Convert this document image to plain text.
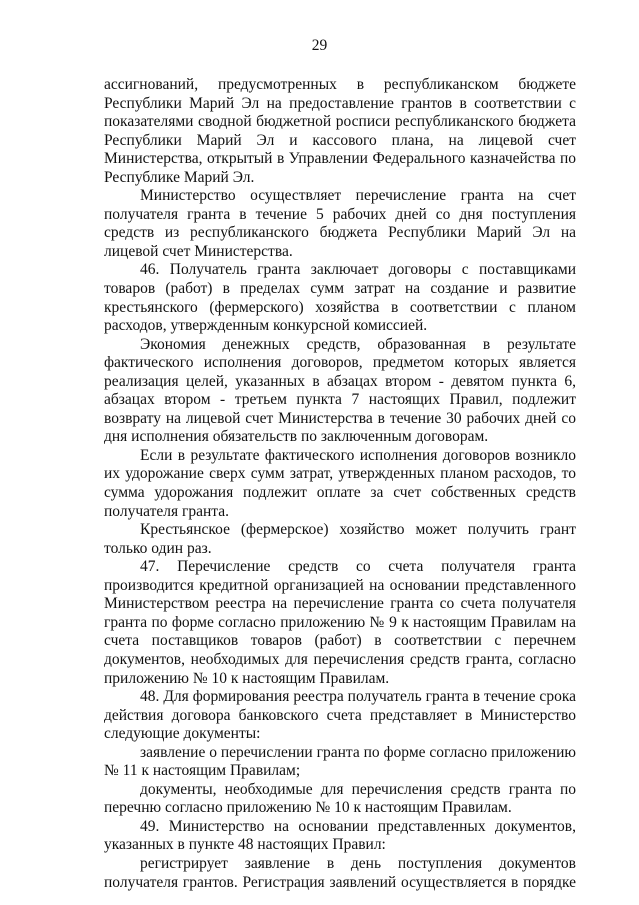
29

ассигнований, предусмотренных в республиканском бюджете Республики Марий Эл на предоставление грантов в соответствии с показателями сводной бюджетной росписи республиканского бюджета Республики Марий Эл и кассового плана, на лицевой счет Министерства, открытый в Управлении Федерального казначейства по Республике Марий Эл.

Министерство осуществляет перечисление гранта на счет получателя гранта в течение 5 рабочих дней со дня поступления средств из республиканского бюджета Республики Марий Эл на лицевой счет Министерства.

46. Получатель гранта заключает договоры с поставщиками товаров (работ) в пределах сумм затрат на создание и развитие крестьянского (фермерского) хозяйства в соответствии с планом расходов, утвержденным конкурсной комиссией.

Экономия денежных средств, образованная в результате фактического исполнения договоров, предметом которых является реализация целей, указанных в абзацах втором - девятом пункта 6, абзацах втором - третьем пункта 7 настоящих Правил, подлежит возврату на лицевой счет Министерства в течение 30 рабочих дней со дня исполнения обязательств по заключенным договорам.

Если в результате фактического исполнения договоров возникло их удорожание сверх сумм затрат, утвержденных планом расходов, то сумма удорожания подлежит оплате за счет собственных средств получателя гранта.

Крестьянское (фермерское) хозяйство может получить грант только один раз.

47. Перечисление средств со счета получателя гранта производится кредитной организацией на основании представленного Министерством реестра на перечисление гранта со счета получателя гранта по форме согласно приложению № 9 к настоящим Правилам на счета поставщиков товаров (работ) в соответствии с перечнем документов, необходимых для перечисления средств гранта, согласно приложению № 10 к настоящим Правилам.

48. Для формирования реестра получатель гранта в течение срока действия договора банковского счета представляет в Министерство следующие документы:

заявление о перечислении гранта по форме согласно приложению № 11 к настоящим Правилам;

документы, необходимые для перечисления средств гранта по перечню согласно приложению № 10 к настоящим Правилам.

49. Министерство на основании представленных документов, указанных в пункте 48 настоящих Правил:

регистрирует заявление в день поступления документов получателя грантов. Регистрация заявлений осуществляется в порядке
